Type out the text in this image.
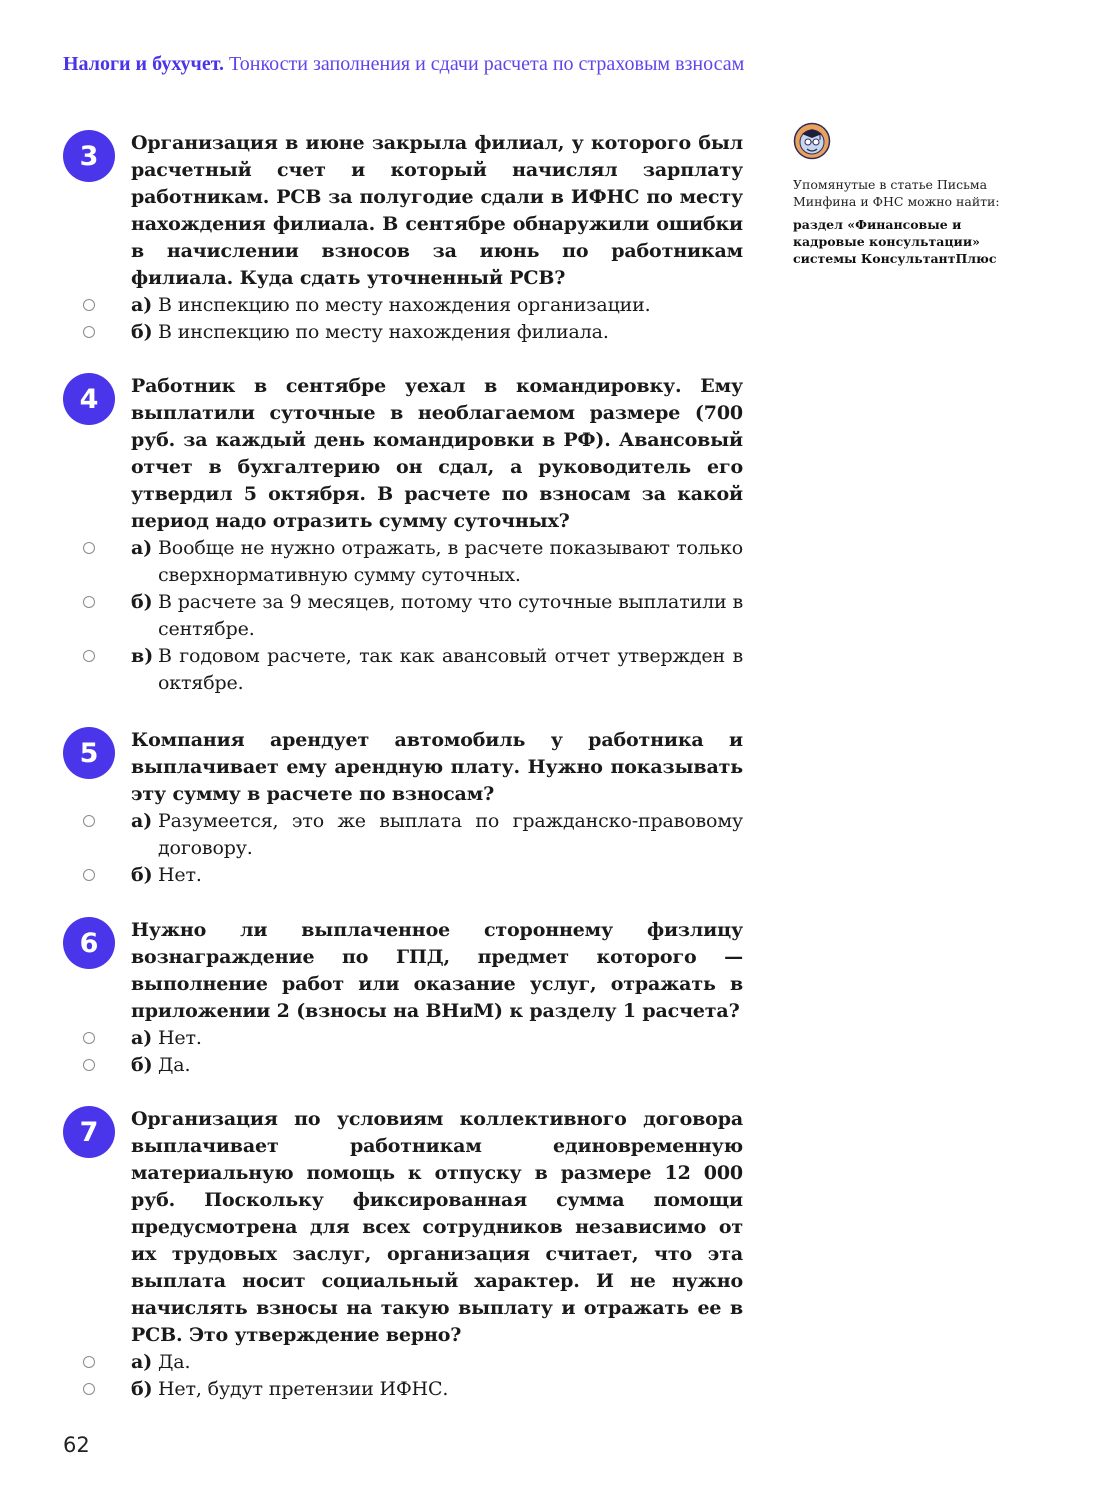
Налоги и бухучет. Тонкости заполнения и сдачи расчета по страховым взносам
3	Организация в июне закрыла филиал, у которого был расчетный счет и который начислял зарплату работникам. РСВ за полугодие сдали в ИФНС по месту нахождения филиала. В сентябре обнаружили ошибки в начислении взносов за июнь по работникам филиала. Куда сдать уточненный РСВ?
а) В инспекцию по месту нахождения организации.
б) В инспекцию по месту нахождения филиала.
4	Работник в сентябре уехал в командировку. Ему выплатили суточные в необлагаемом размере (700 руб. за каждый день командировки в РФ). Авансовый отчет в бухгалтерию он сдал, а руководитель его утвердил 5 октября. В расчете по взносам за какой период надо отразить сумму суточных?
а) Вообще не нужно отражать, в расчете показывают только сверхнормативную сумму суточных.
б) В расчете за 9 месяцев, потому что суточные выплатили в сентябре.
в) В годовом расчете, так как авансовый отчет утвержден в октябре.
5	Компания арендует автомобиль у работника и выплачивает ему арендную плату. Нужно показывать эту сумму в расчете по взносам?
а) Разумеется, это же выплата по гражданско-правовому договору.
б) Нет.
6	Нужно ли выплаченное стороннему физлицу вознаграждение по ГПД, предмет которого — выполнение работ или оказание услуг, отражать в приложении 2 (взносы на ВНиМ) к разделу 1 расчета?
а) Нет.
б) Да.
7	Организация по условиям коллективного договора выплачивает работникам единовременную материальную помощь к отпуску в размере 12 000 руб. Поскольку фиксированная сумма помощи предусмотрена для всех сотрудников независимо от их трудовых заслуг, организация считает, что эта выплата носит социальный характер. И не нужно начислять взносы на такую выплату и отражать ее в РСВ. Это утверждение верно?
а) Да.
б) Нет, будут претензии ИФНС.
Упомянутые в статье Письма Минфина и ФНС можно найти:
раздел «Финансовые и кадровые консультации» системы КонсультантПлюс
62
